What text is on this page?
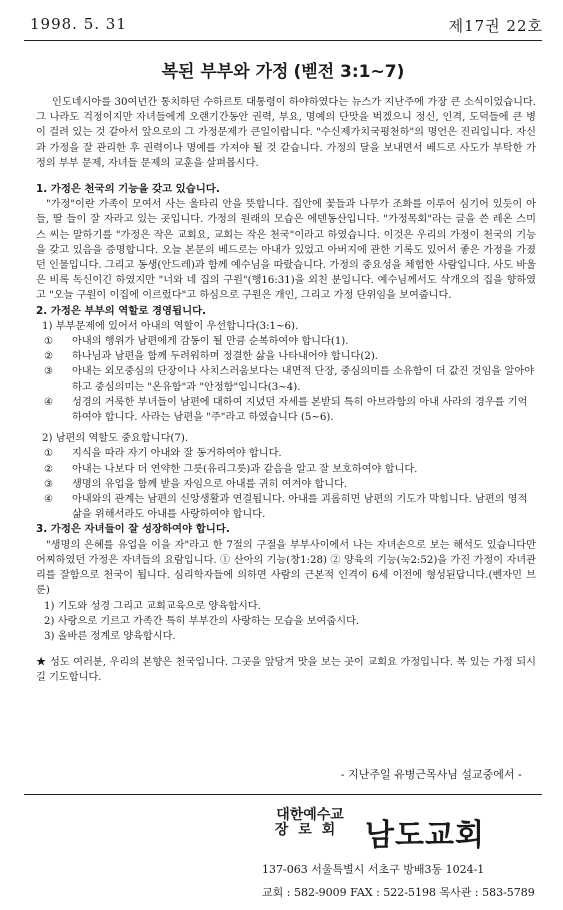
1998. 5. 31	제17권 22호
복된 부부와 가정 (벧전 3:1~7)

인도네시아를 30여년간 통치하던 수하르토 대통령이 하야하였다는 뉴스가 지난주에 가장 큰 소식이었습니다. 그 나라도 걱정이지만 자녀들에게 오랜기간동안 권력, 부요, 명예의 단맛을 벅겠으니 정신, 인격, 도덕들에 큰 병이 걸려 있는 것 같아서 앞으로의 그 가정문제가 큰일이랍니다. "수신제가치국평천하"의 명언은 진리입니다. 자신과 가정을 잘 관리한 후 권력이나 명예를 가져야 될 것 같습니다. 가정의 달을 보내면서 베드로 사도가 부탁한 가정의 부부 문제, 자녀들 문제의 교훈을 살펴봅시다.

1. 가정은 천국의 기능을 갖고 있습니다.

"가정"이란 가족이 모여서 사는 울타리 안을 뜻합니다. 집안에 꽃들과 나무가 조화를 이루어 심기어 있듯이 아들, 딸 들이 잘 자라고 있는 곳입니다. 가정의 원래의 모습은 에덴동산입니다. "가정목회"라는 글을 쓴 레온 스미스 씨는 말하기를 "가정은 작은 교회요, 교회는 작은 천국"이라고 하였습니다. 이것은 우리의 가정이 천국의 기능을 갖고 있음을 증명합니다. 오늘 본문의 베드로는 아내가 있었고 아버지에 관한 기록도 있어서 좋은 가정을 가졌던 인물입니다. 그리고 동생(안드레)과 함께 예수님을 따랐습니다. 가정의 중요성을 체험한 사람입니다. 사도 바울은 비록 독신이긴 하였지만 "너와 네 집의 구원"(행16:31)을 외친 분입니다. 예수님께서도 삭개오의 집을 향하였고 "오늘 구원이 이집에 이르렀다"고 하심으로 구원은 개인, 그리고 가정 단위임을 보여줍니다.

2. 가정은 부부의 역할로 경영됩니다.

1) 부부문제에 있어서 아내의 역할이 우선합니다(3:1~6).

① 아내의 행위가 남편에게 감동이 될 만큼 순복하여야 합니다(1).

② 하나님과 남편을 함께 두려워하며 정결한 삶을 나타내어야 합니다(2).

③ 아내는 외모중심의 단장이나 사치스러움보다는 내면적 단장, 중심의미를 소유함이 더 값진 것임을 알아야 하고 중심의미는 "온유함"과 "안정함"입니다(3~4).

④ 성경의 거룩한 부녀들이 남편에 대하여 지녔던 자세를 본받되 특히 아브라함의 아내 사라의 경우를 기억하여야 합니다. 사라는 남편을 "주"라고 하였습니다 (5~6).

2) 남편의 역할도 중요합니다(7).

① 지식을 따라 자기 아내와 잘 동거하여야 합니다.

② 아내는 나보다 더 연약한 그릇(유리그릇)과 같음을 알고 잘 보호하여야 합니다.

③ 생명의 유업을 함께 받을 자임으로 아내를 귀히 여겨야 합니다.

④ 아내와의 관계는 남편의 신앙생활과 연결됩니다. 아내를 괴롭히면 남편의 기도가 막힙니다. 남편의 영적 삶을 위해서라도 아내를 사랑하여야 합니다.

3. 가정은 자녀들이 잘 성장하여야 합니다.

"생명의 은혜를 유업을 이을 자"라고 한 7절의 구절을 부부사이에서 나는 자녀손으로 보는 해석도 있습니다만 어찌하였던 가정은 자녀들의 요람입니다. ① 산아의 기능(창1:28) ② 양육의 기능(눅2:52)을 가진 가정이 자녀관리를 잘함으로 천국이 됩니다. 심리학자들에 의하면 사람의 근본적 인격이 6세 이전에 형성된답니다.(벤자민 브룬)

1) 기도와 성경 그리고 교회교육으로 양육합시다.

2) 사랑으로 기르고 가족간 특히 부부간의 사랑하는 모습을 보여줍시다.

3) 올바른 정계로 양육합시다.

★ 성도 여러분, 우리의 본향은 천국입니다. 그곳을 앞당겨 맛을 보는 곳이 교회요 가정입니다. 복 있는 가정 되시길 기도합니다.

- 지난주일 유병근목사님 설교중에서 -
대한예수교
장로회 남도교회
137-063 서울특별시 서초구 방배3동 1024-1
교회 : 582-9009 FAX : 522-5198 목사관 : 583-5789
